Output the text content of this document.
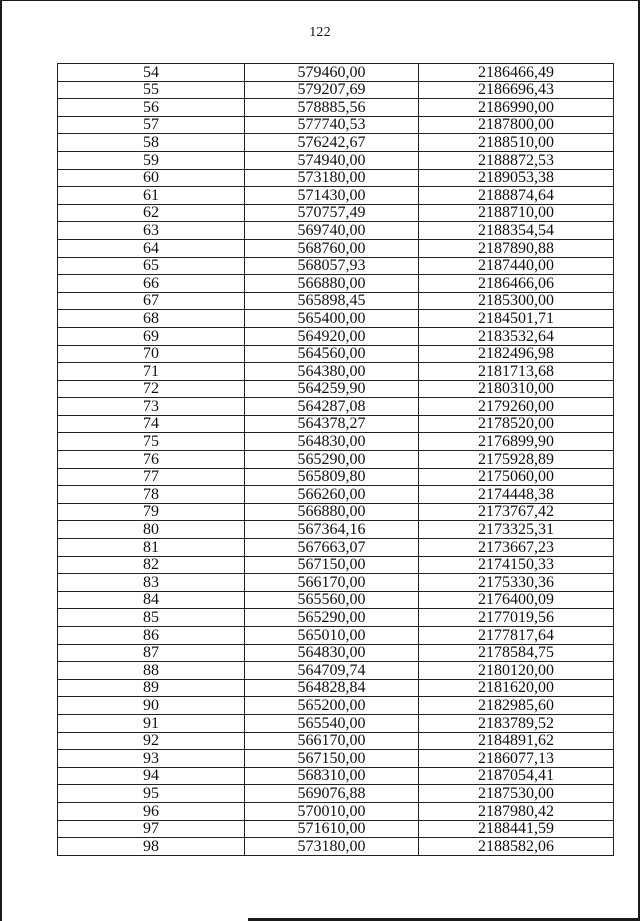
122
54	579460,00	2186466,49
55	579207,69	2186696,43
56	578885,56	2186990,00
57	577740,53	2187800,00
58	576242,67	2188510,00
59	574940,00	2188872,53
60	573180,00	2189053,38
61	571430,00	2188874,64
62	570757,49	2188710,00
63	569740,00	2188354,54
64	568760,00	2187890,88
65	568057,93	2187440,00
66	566880,00	2186466,06
67	565898,45	2185300,00
68	565400,00	2184501,71
69	564920,00	2183532,64
70	564560,00	2182496,98
71	564380,00	2181713,68
72	564259,90	2180310,00
73	564287,08	2179260,00
74	564378,27	2178520,00
75	564830,00	2176899,90
76	565290,00	2175928,89
77	565809,80	2175060,00
78	566260,00	2174448,38
79	566880,00	2173767,42
80	567364,16	2173325,31
81	567663,07	2173667,23
82	567150,00	2174150,33
83	566170,00	2175330,36
84	565560,00	2176400,09
85	565290,00	2177019,56
86	565010,00	2177817,64
87	564830,00	2178584,75
88	564709,74	2180120,00
89	564828,84	2181620,00
90	565200,00	2182985,60
91	565540,00	2183789,52
92	566170,00	2184891,62
93	567150,00	2186077,13
94	568310,00	2187054,41
95	569076,88	2187530,00
96	570010,00	2187980,42
97	571610,00	2188441,59
98	573180,00	2188582,06
